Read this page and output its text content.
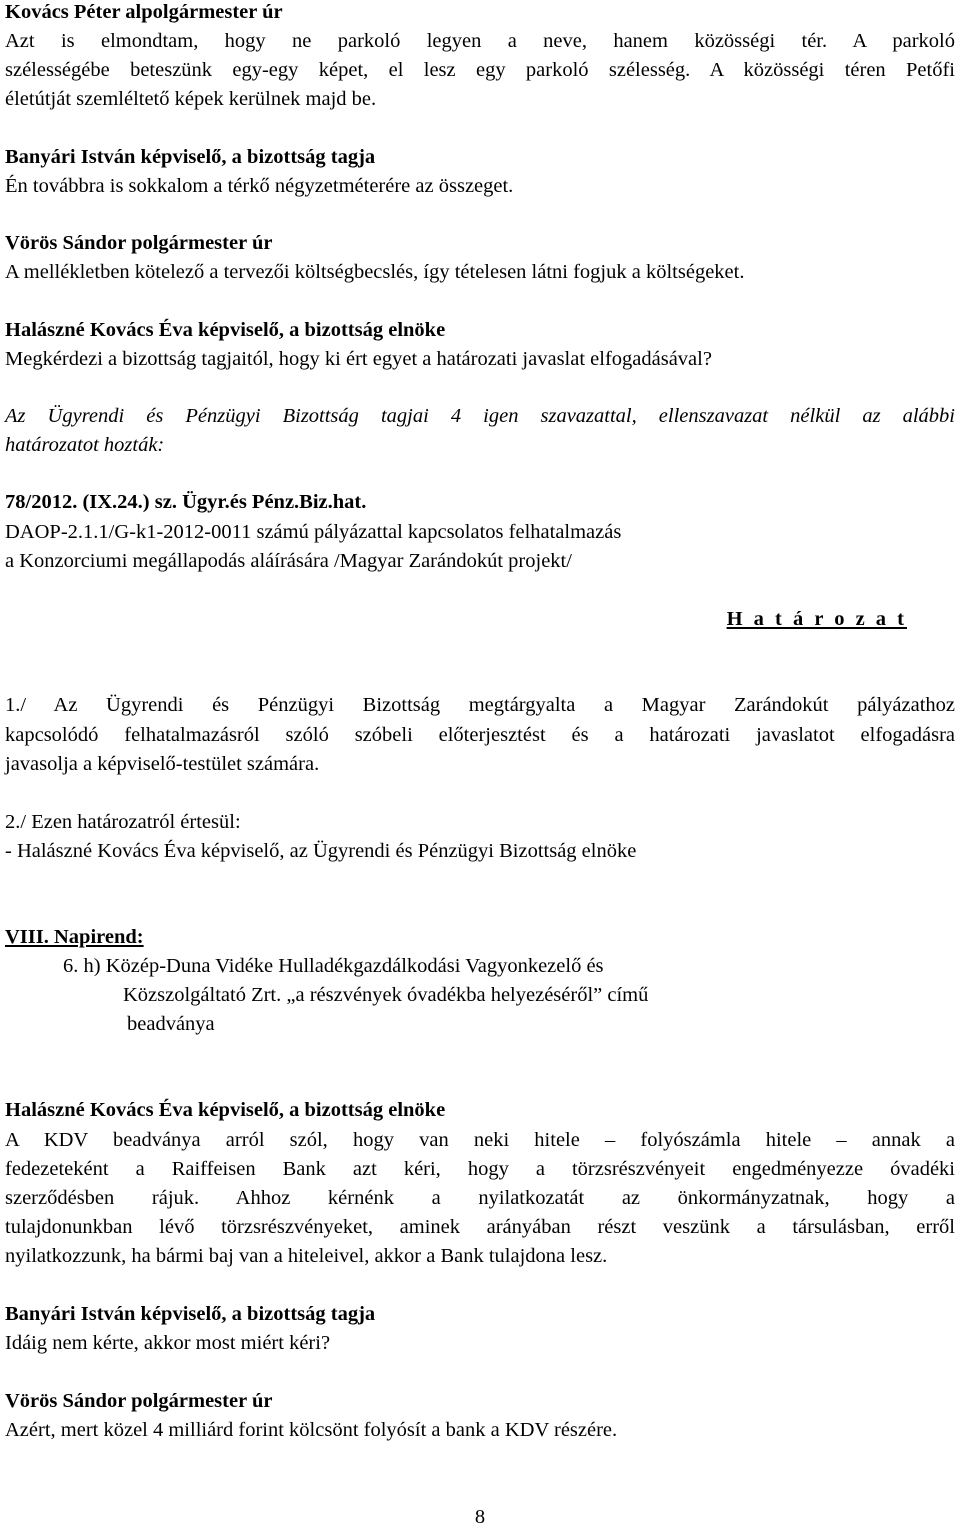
Kovács Péter alpolgármester úr
Azt is elmondtam, hogy ne parkoló legyen a neve, hanem közösségi tér. A parkoló
szélességébe beteszünk egy-egy képet, el lesz egy parkoló szélesség. A közösségi téren Petőfi
életútját szemléltető képek kerülnek majd be.
Banyári István képviselő, a bizottság tagja
Én továbbra is sokkalom a térkő négyzetméterére az összeget.
Vörös Sándor polgármester úr
A mellékletben kötelező a tervezői költségbecslés, így tételesen látni fogjuk a költségeket.
Halászné Kovács Éva képviselő, a bizottság elnöke
Megkérdezi a bizottság tagjaitól, hogy ki ért egyet a határozati javaslat elfogadásával?
Az Ügyrendi és Pénzügyi Bizottság tagjai 4 igen szavazattal, ellenszavazat nélkül az alábbi
határozatot hozták:
78/2012. (IX.24.) sz. Ügyr.és Pénz.Biz.hat.
DAOP-2.1.1/G-k1-2012-0011 számú pályázattal kapcsolatos felhatalmazás
a Konzorciumi megállapodás aláírására /Magyar Zarándokút projekt/
H a t á r o z a t
1./ Az Ügyrendi és Pénzügyi Bizottság megtárgyalta a Magyar Zarándokút pályázathoz
kapcsolódó felhatalmazásról szóló szóbeli előterjesztést és a határozati javaslatot elfogadásra
javasolja a képviselő-testület számára.
2./ Ezen határozatról értesül:
- Halászné Kovács Éva képviselő, az Ügyrendi és Pénzügyi Bizottság elnöke
VIII. Napirend:
6. h) Közép-Duna Vidéke Hulladékgazdálkodási Vagyonkezelő és
Közszolgáltató Zrt. „a részvények óvadékba helyezéséről” című
beadványa
Halászné Kovács Éva képviselő, a bizottság elnöke
A KDV beadványa arról szól, hogy van neki hitele – folyószámla hitele – annak a
fedezeteként a Raiffeisen Bank azt kéri, hogy a törzsrészvényeit engedményezze óvadéki
szerződésben rájuk. Ahhoz kérnénk a nyilatkozatát az önkormányzatnak, hogy a
tulajdonunkban lévő törzsrészvényeket, aminek arányában részt veszünk a társulásban, erről
nyilatkozzunk, ha bármi baj van a hiteleivel, akkor a Bank tulajdona lesz.
Banyári István képviselő, a bizottság tagja
Idáig nem kérte, akkor most miért kéri?
Vörös Sándor polgármester úr
Azért, mert közel 4 milliárd forint kölcsönt folyósít a bank a KDV részére.
8
